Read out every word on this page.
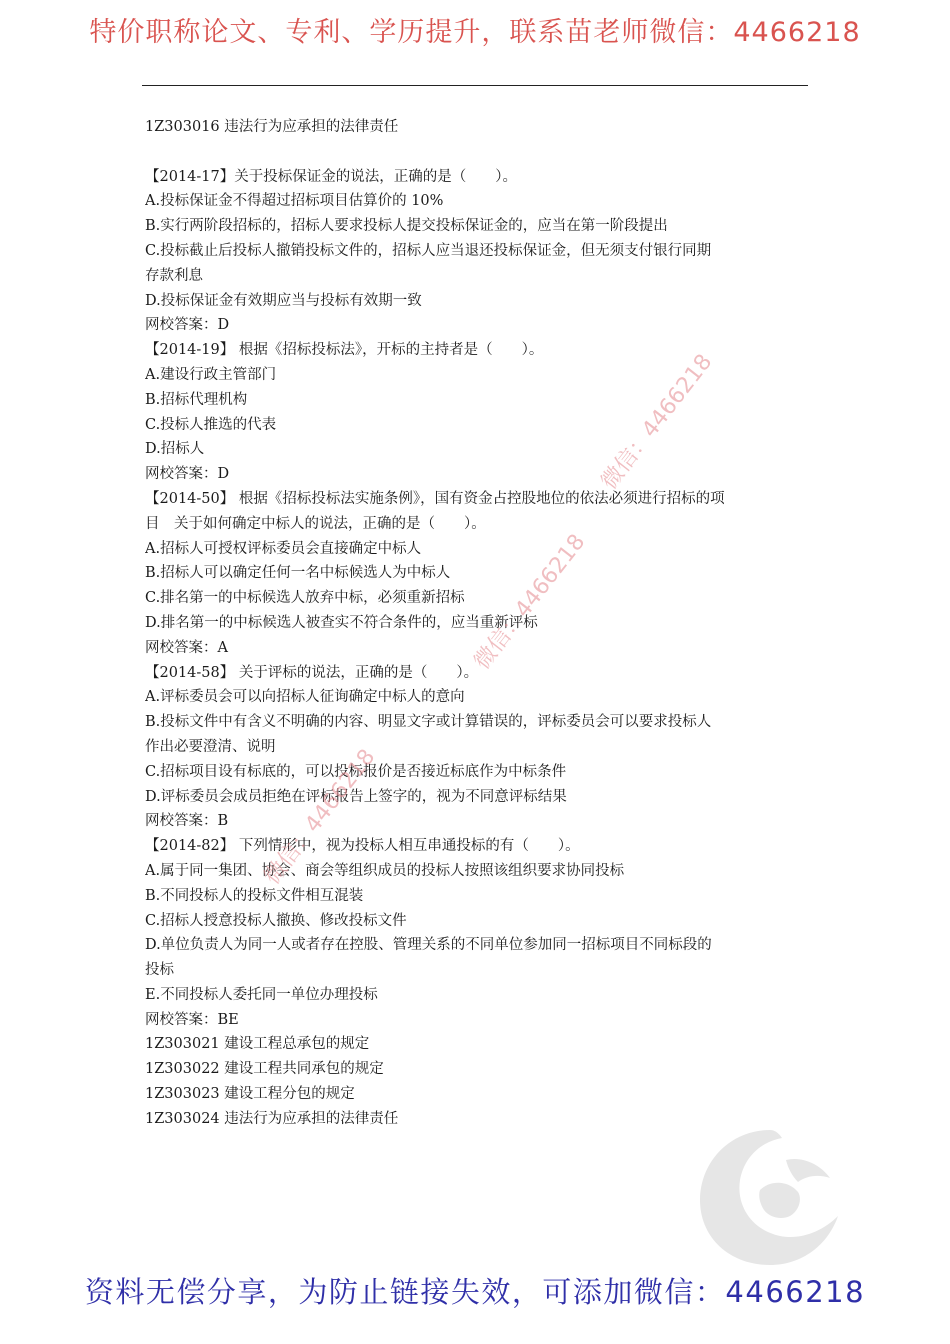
特价职称论文、专利、学历提升，联系苗老师微信：4466218
1Z303016 违法行为应承担的法律责任
【2014-17】关于投标保证金的说法，正确的是（　　）。
A.投标保证金不得超过招标项目估算价的 10%
B.实行两阶段招标的，招标人要求投标人提交投标保证金的，应当在第一阶段提出
C.投标截止后投标人撤销投标文件的，招标人应当退还投标保证金，但无须支付银行同期
存款利息
D.投标保证金有效期应当与投标有效期一致
网校答案：D
【2014-19】 根据《招标投标法》，开标的主持者是（　　）。
A.建设行政主管部门
B.招标代理机构
C.投标人推选的代表
D.招标人
网校答案：D
【2014-50】 根据《招标投标法实施条例》，国有资金占控股地位的依法必须进行招标的项
目　关于如何确定中标人的说法，正确的是（　　）。
A.招标人可授权评标委员会直接确定中标人
B.招标人可以确定任何一名中标候选人为中标人
C.排名第一的中标候选人放弃中标，必须重新招标
D.排名第一的中标候选人被查实不符合条件的，应当重新评标
网校答案：A
【2014-58】 关于评标的说法，正确的是（　　）。
A.评标委员会可以向招标人征询确定中标人的意向
B.投标文件中有含义不明确的内容、明显文字或计算错误的，评标委员会可以要求投标人
作出必要澄清、说明
C.招标项目设有标底的，可以投标报价是否接近标底作为中标条件
D.评标委员会成员拒绝在评标报告上签字的，视为不同意评标结果
网校答案：B
【2014-82】 下列情形中，视为投标人相互串通投标的有（　　）。
A.属于同一集团、协会、商会等组织成员的投标人按照该组织要求协同投标
B.不同投标人的投标文件相互混装
C.招标人授意投标人撤换、修改投标文件
D.单位负责人为同一人或者存在控股、管理关系的不同单位参加同一招标项目不同标段的
投标
E.不同投标人委托同一单位办理投标
网校答案：BE
1Z303021 建设工程总承包的规定
1Z303022 建设工程共同承包的规定
1Z303023 建设工程分包的规定
1Z303024 违法行为应承担的法律责任
微信：4466218
微信：4466218
微信：4466218
资料无偿分享，为防止链接失效，可添加微信：4466218
